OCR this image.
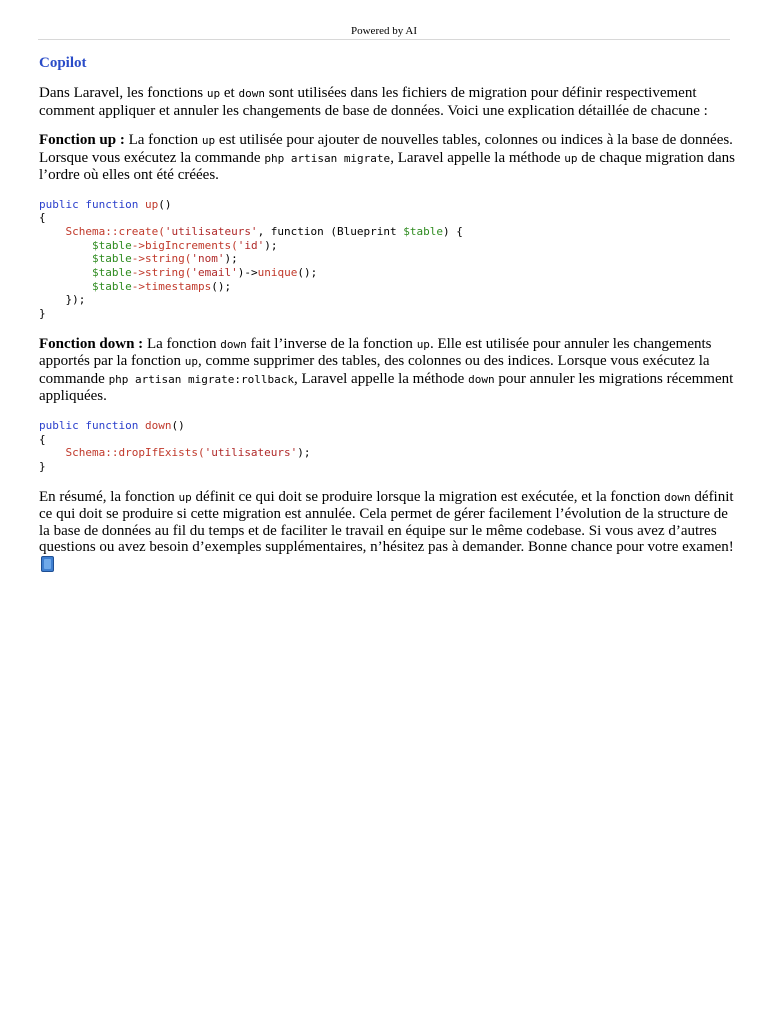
Powered by AI
Copilot

Dans Laravel, les fonctions up et down sont utilisées dans les fichiers de migration pour définir respectivement comment appliquer et annuler les changements de base de données. Voici une explication détaillée de chacune :

Fonction up : La fonction up est utilisée pour ajouter de nouvelles tables, colonnes ou indices à la base de données. Lorsque vous exécutez la commande php artisan migrate, Laravel appelle la méthode up de chaque migration dans l’ordre où elles ont été créées.

public function up()
{
Schema::create('utilisateurs', function (Blueprint $table) {
$table->bigIncrements('id');
$table->string('nom');
$table->string('email')->unique();
$table->timestamps();
});
}

Fonction down : La fonction down fait l’inverse de la fonction up. Elle est utilisée pour annuler les changements apportés par la fonction up, comme supprimer des tables, des colonnes ou des indices. Lorsque vous exécutez la commande php artisan migrate:rollback, Laravel appelle la méthode down pour annuler les migrations récemment appliquées.

public function down()
{
Schema::dropIfExists('utilisateurs');
}

En résumé, la fonction up définit ce qui doit se produire lorsque la migration est exécutée, et la fonction down définit ce qui doit se produire si cette migration est annulée. Cela permet de gérer facilement l’évolution de la structure de la base de données au fil du temps et de faciliter le travail en équipe sur le même codebase. Si vous avez d’autres questions ou avez besoin d’exemples supplémentaires, n’hésitez pas à demander. Bonne chance pour votre examen!
